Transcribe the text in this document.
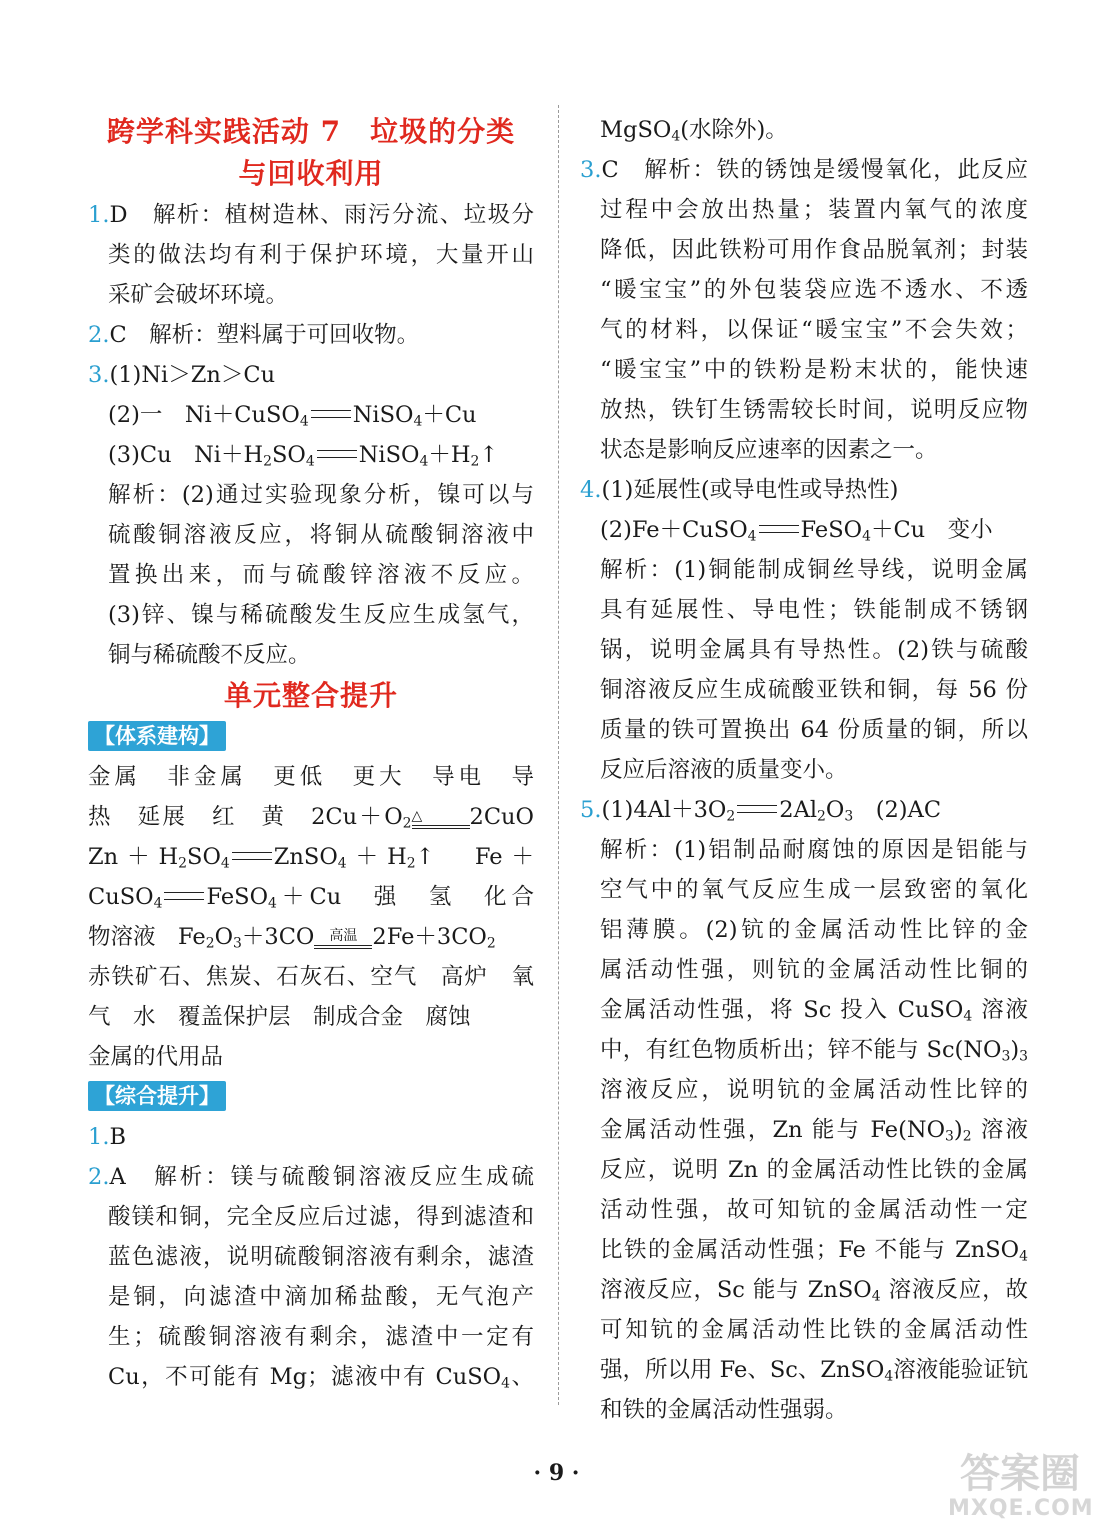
跨学科实践活动 7　垃圾的分类
与回收利用
1.D　解析：植树造林、雨污分流、垃圾分
类的做法均有利于保护环境，大量开山
采矿会破坏环境。
2.C　解析：塑料属于可回收物。
3.(1)Ni＞Zn＞Cu
(2)一　Ni＋CuSO$_4$ NiSO$_4$＋Cu
(3)Cu　$Ni+H_2SO_4$ $NiSO_4+H_2↑$
解析：(2)通过实验现象分析，镍可以与
硫酸铜溶液反应，将铜从硫酸铜溶液中
置换出来，而与硫酸锌溶液不反应。
(3)锌、镍与稀硫酸发生反应生成氢气，
铜与稀硫酸不反应。
单元整合提升
【体系建构】
金属　非金属　更低　更大　导电　导
热　延展　红　黄　$2Cu+O_2\triangle$ 2CuO
$Zn+H_2SO_4$ $ZnSO_4+H_2↑$　Fe＋
CuSO$_4$ FeSO$_4$＋Cu　强　氢　化合
物溶液　$Fe_2O_3+3CO$ 高温 $2Fe+3CO_2$
赤铁矿石、焦炭、石灰石、空气　高炉　氧
气　水　覆盖保护层　制成合金　腐蚀
金属的代用品
【综合提升】
1.B
2.A　解析：镁与硫酸铜溶液反应生成硫
酸镁和铜，完全反应后过滤，得到滤渣和
蓝色滤液，说明硫酸铜溶液有剩余，滤渣
是铜，向滤渣中滴加稀盐酸，无气泡产
生；硫酸铜溶液有剩余，滤渣中一定有
Cu，不可能有 Mg；滤液中有 CuSO$_4$、
MgSO$_4$(水除外)。
3.C　解析：铁的锈蚀是缓慢氧化，此反应
过程中会放出热量；装置内氧气的浓度
降低，因此铁粉可用作食品脱氧剂；封装
“暖宝宝”的外包装袋应选不透水、不透
气的材料，以保证“暖宝宝”不会失效；
“暖宝宝”中的铁粉是粉末状的，能快速
放热，铁钉生锈需较长时间，说明反应物
状态是影响反应速率的因素之一。
4.(1)延展性(或导电性或导热性)
(2)Fe＋CuSO$_4$ FeSO$_4$＋Cu　变小
解析：(1)铜能制成铜丝导线，说明金属
具有延展性、导电性；铁能制成不锈钢
锅，说明金属具有导热性。(2)铁与硫酸
铜溶液反应生成硫酸亚铁和铜，每 56 份
质量的铁可置换出 64 份质量的铜，所以
反应后溶液的质量变小。
$5.(1)4Al+3O_2$ $2Al_2O_3$　(2)AC
解析：(1)铝制品耐腐蚀的原因是铝能与
空气中的氧气反应生成一层致密的氧化
铝薄膜。(2)钪的金属活动性比锌的金
属活动性强，则钪的金属活动性比铜的
金属活动性强，将 Sc 投入 CuSO$_4$ 溶液
中，有红色物质析出；锌不能与 $Sc(NO_3)_3$
溶液反应，说明钪的金属活动性比锌的
金属活动性强，Zn 能与 $Fe(NO_3)_2$ 溶液
反应，说明 Zn 的金属活动性比铁的金属
活动性强，故可知钪的金属活动性一定
比铁的金属活动性强；Fe 不能与 ZnSO$_4$
溶液反应，Sc 能与 ZnSO$_4$ 溶液反应，故
可知钪的金属活动性比铁的金属活动性
强，所以用 Fe、Sc、ZnSO$_4$溶液能验证钪
和铁的金属活动性强弱。
· 9 ·	答案圈
MXQE.COM
